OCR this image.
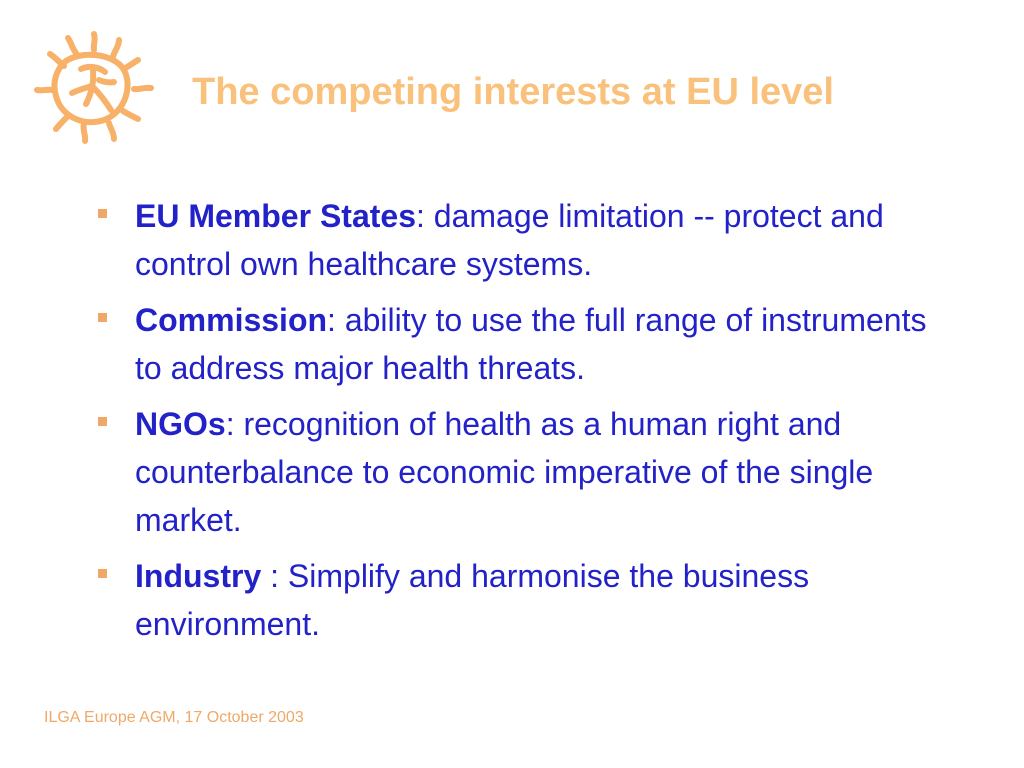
The competing interests at EU level
EU Member States: damage limitation -- protect and control own healthcare systems.
Commission: ability to use the full range of instruments to address major health threats.
NGOs: recognition of health as a human right and counterbalance to economic imperative of the single market.
Industry : Simplify and harmonise the business environment.
ILGA Europe AGM, 17 October 2003
